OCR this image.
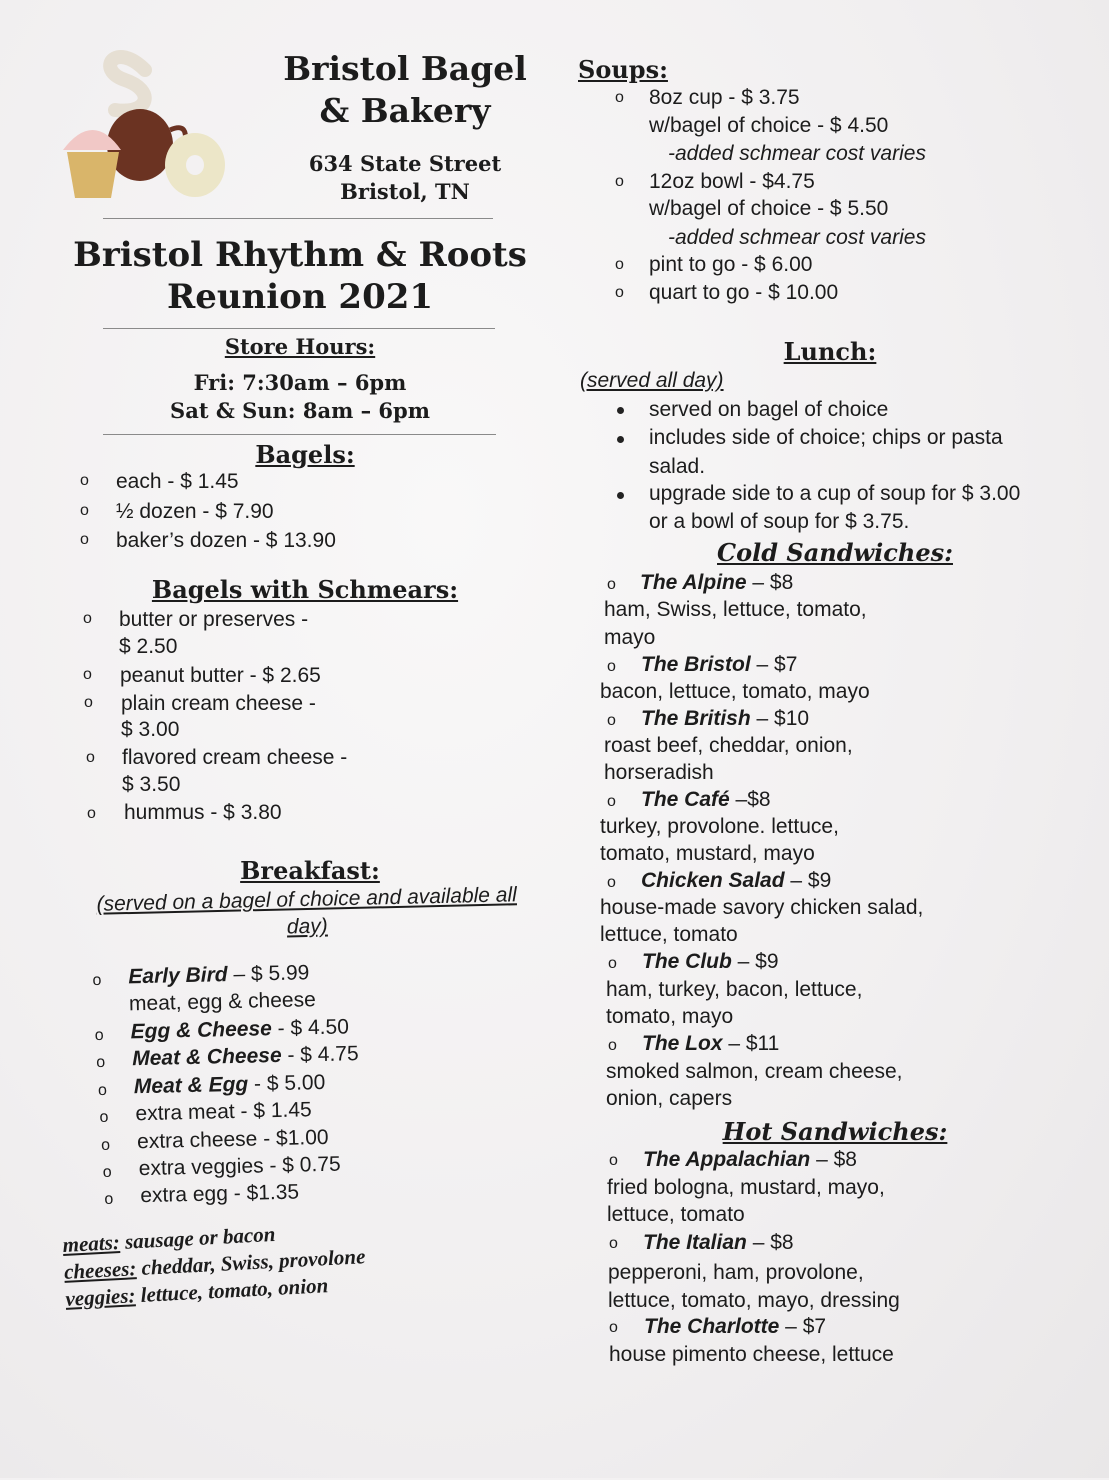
Bristol Bagel
& Bakery
634 State Street
Bristol, TN
Bristol Rhythm & Roots
Reunion 2021
Store Hours:
Fri: 7:30am – 6pm
Sat & Sun: 8am – 6pm
Bagels:
o each - $ 1.45
o ½ dozen - $ 7.90
o baker’s dozen - $ 13.90
Bagels with Schmears:
o butter or preserves -
$ 2.50
o peanut butter - $ 2.65
o plain cream cheese -
$ 3.00
o flavored cream cheese -
$ 3.50
o hummus - $ 3.80
Breakfast:
(served on a bagel of choice and available all
day)
o Early Bird – $ 5.99
meat, egg & cheese
o Egg & Cheese - $ 4.50
o Meat & Cheese - $ 4.75
o Meat & Egg - $ 5.00
o extra meat - $ 1.45
o extra cheese - $1.00
o extra veggies - $ 0.75
o extra egg - $1.35
meats: sausage or bacon
cheeses: cheddar, Swiss, provolone
veggies: lettuce, tomato, onion
Soups:
o 8oz cup - $ 3.75
w/bagel of choice - $ 4.50
-added schmear cost varies
o 12oz bowl - $4.75
w/bagel of choice - $ 5.50
-added schmear cost varies
o pint to go - $ 6.00
o quart to go - $ 10.00
Lunch:
(served all day)
served on bagel of choice
includes side of choice; chips or pasta
salad.
upgrade side to a cup of soup for $ 3.00
or a bowl of soup for $ 3.75.
Cold Sandwiches:
o The Alpine – $8
ham, Swiss, lettuce, tomato,
mayo
o The Bristol – $7
bacon, lettuce, tomato, mayo
o The British – $10
roast beef, cheddar, onion,
horseradish
o The Café –$8
turkey, provolone. lettuce,
tomato, mustard, mayo
o Chicken Salad – $9
house-made savory chicken salad,
lettuce, tomato
o The Club – $9
ham, turkey, bacon, lettuce,
tomato, mayo
o The Lox – $11
smoked salmon, cream cheese,
onion, capers
Hot Sandwiches:
o The Appalachian – $8
fried bologna, mustard, mayo,
lettuce, tomato
o The Italian – $8
pepperoni, ham, provolone,
lettuce, tomato, mayo, dressing
o The Charlotte – $7
house pimento cheese, lettuce
